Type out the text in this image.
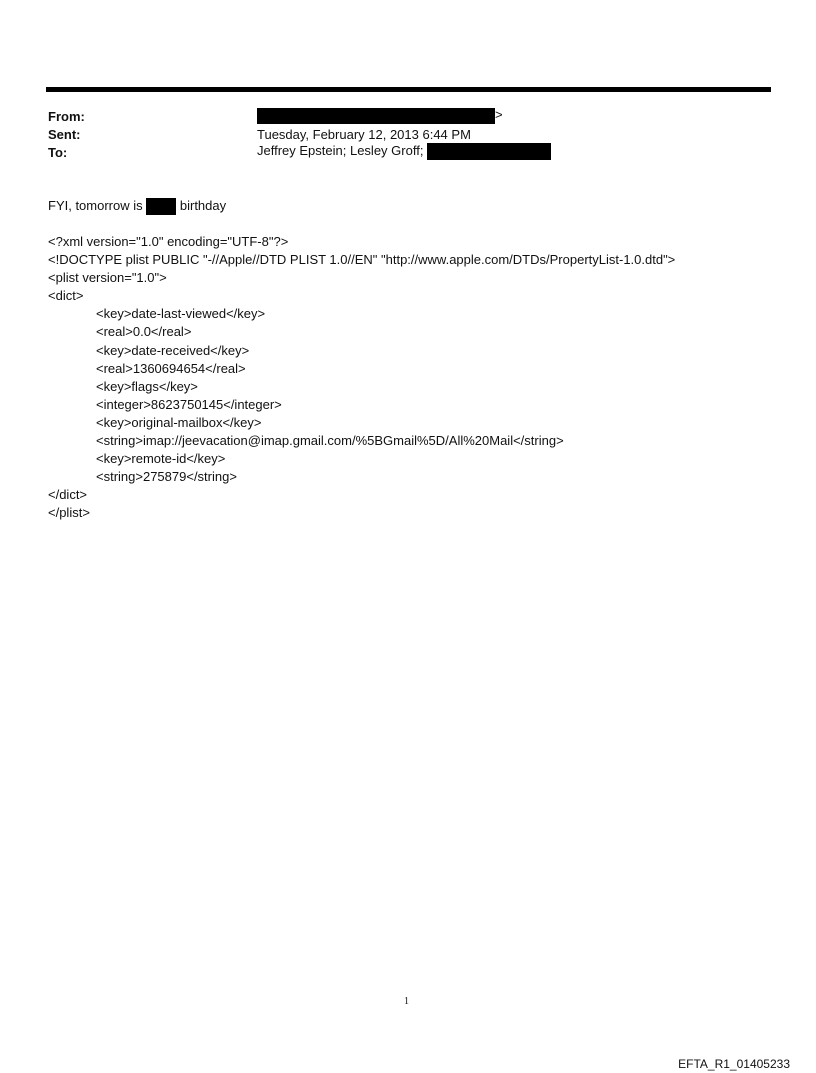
From:	>
Sent:	Tuesday, February 12, 2013 6:44 PM
To:	Jeffrey Epstein; Lesley Groff;
FYI, tomorrow is	birthday
<?xml version="1.0" encoding="UTF-8"?>
<!DOCTYPE plist PUBLIC "-//Apple//DTD PLIST 1.0//EN" "http://www.apple.com/DTDs/PropertyList-1.0.dtd">
<plist version="1.0">
<dict>
<key>date-last-viewed</key>
<real>0.0</real>
<key>date-received</key>
<real>1360694654</real>
<key>flags</key>
<integer>8623750145</integer>
<key>original-mailbox</key>
<string>imap://jeevacation@imap.gmail.com/%5BGmail%5D/All%20Mail</string>
<key>remote-id</key>
<string>275879</string>
</dict>
</plist>
1
EFTA_R1_01405233
